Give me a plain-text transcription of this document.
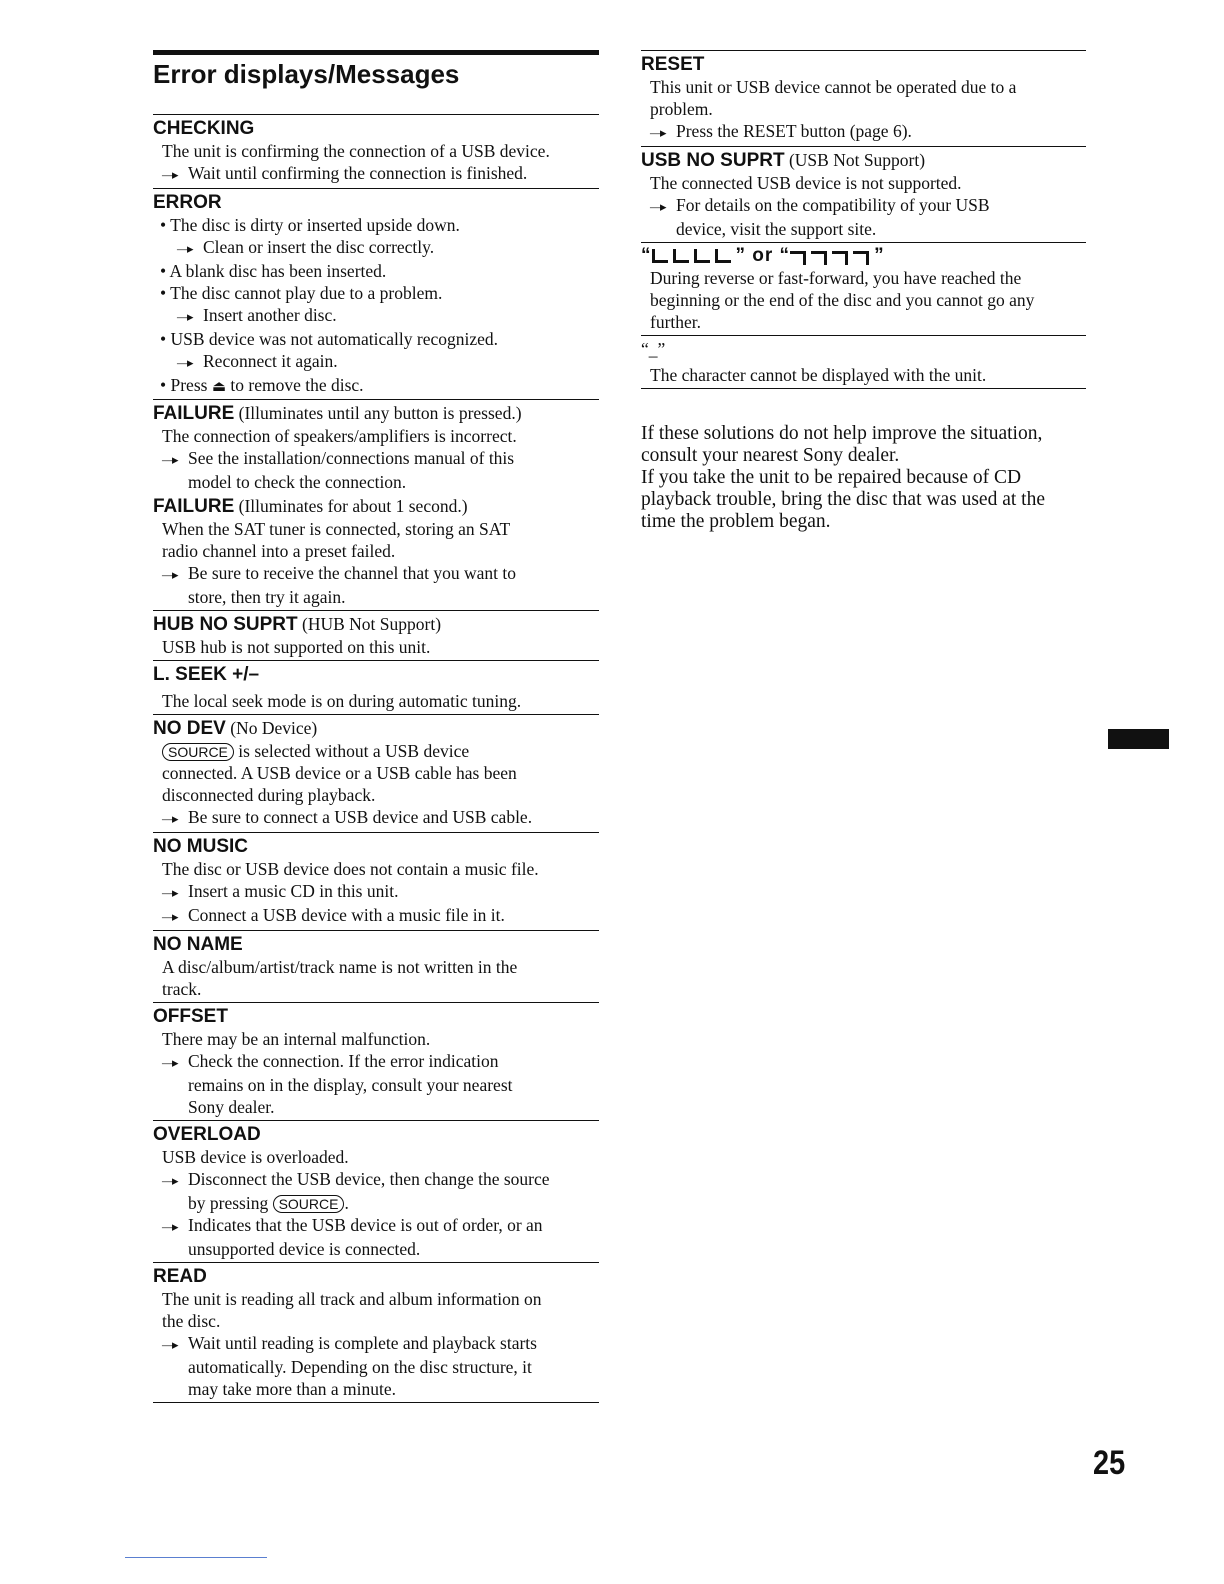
Error displays/Messages
CHECKING
The unit is confirming the connection of a USB device.
—▸Wait until confirming the connection is finished.
ERROR
• The disc is dirty or inserted upside down.
—▸Clean or insert the disc correctly.
• A blank disc has been inserted.
• The disc cannot play due to a problem.
—▸Insert another disc.
• USB device was not automatically recognized.
—▸Reconnect it again.
• Press ⏏ to remove the disc.
FAILURE (Illuminates until any button is pressed.)
The connection of speakers/amplifiers is incorrect.
—▸See the installation/connections manual of this
model to check the connection.
FAILURE (Illuminates for about 1 second.)
When the SAT tuner is connected, storing an SAT
radio channel into a preset failed.
—▸Be sure to receive the channel that you want to
store, then try it again.
HUB NO SUPRT (HUB Not Support)
USB hub is not supported on this unit.
L. SEEK +/–
The local seek mode is on during automatic tuning.
NO DEV (No Device)
SOURCE is selected without a USB device
connected. A USB device or a USB cable has been
disconnected during playback.
—▸Be sure to connect a USB device and USB cable.
NO MUSIC
The disc or USB device does not contain a music file.
—▸Insert a music CD in this unit.
—▸Connect a USB device with a music file in it.
NO NAME
A disc/album/artist/track name is not written in the
track.
OFFSET
There may be an internal malfunction.
—▸Check the connection. If the error indication
remains on in the display, consult your nearest
Sony dealer.
OVERLOAD
USB device is overloaded.
—▸Disconnect the USB device, then change the source
by pressing SOURCE .
—▸Indicates that the USB device is out of order, or an
unsupported device is connected.
READ
The unit is reading all track and album information on
the disc.
—▸Wait until reading is complete and playback starts
automatically. Depending on the disc structure, it
may take more than a minute.
RESET
This unit or USB device cannot be operated due to a
problem.
—▸Press the RESET button (page 6).
USB NO SUPRT (USB Not Support)
The connected USB device is not supported.
—▸For details on the compatibility of your USB
device, visit the support site.
“	” or “	”
During reverse or fast-forward, you have reached the
beginning or the end of the disc and you cannot go any
further.
“_”
The character cannot be displayed with the unit.
If these solutions do not help improve the situation,
consult your nearest Sony dealer.
If you take the unit to be repaired because of CD
playback trouble, bring the disc that was used at the
time the problem began.
25
